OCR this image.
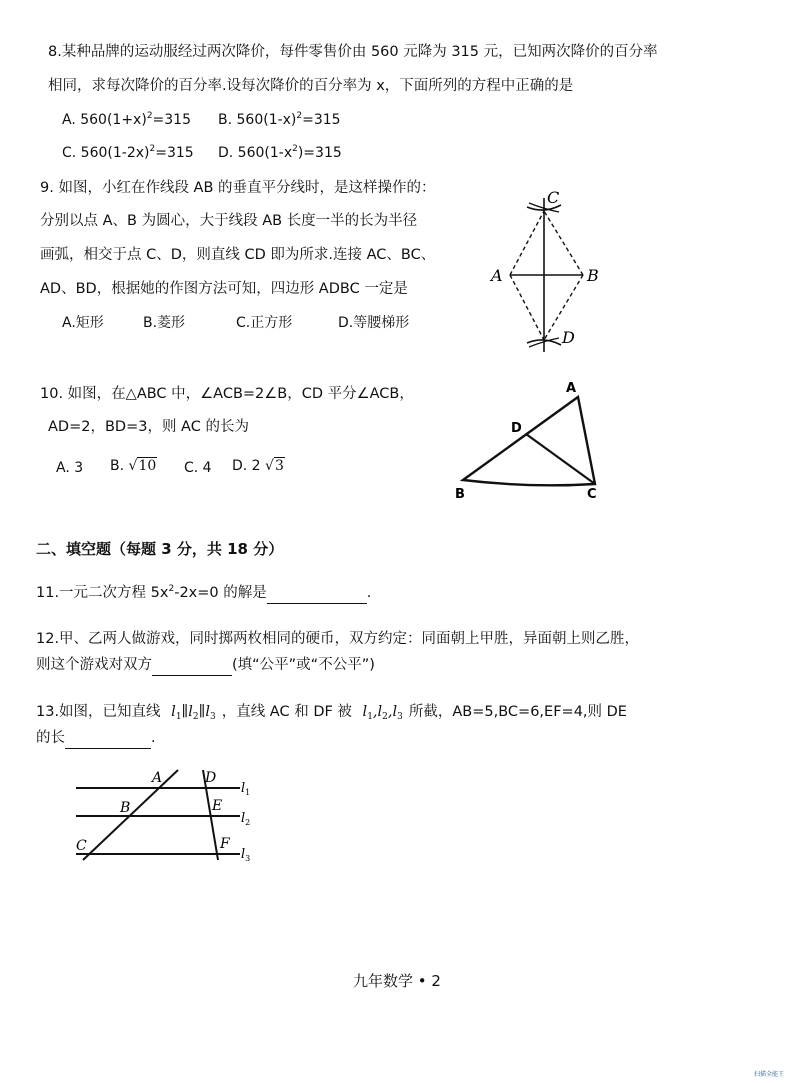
8.某种品牌的运动服经过两次降价，每件零售价由 560 元降为 315 元，已知两次降价的百分率
相同，求每次降价的百分率.设每次降价的百分率为 x，下面所列的方程中正确的是
A. $560(1+x)^2=315$ B. $560(1-x)^2=315$
C. $560(1-2x)^2=315$ D. $560(1-x^2)=315$
9. 如图，小红在作线段 AB 的垂直平分线时，是这样操作的：
分别以点 A、B 为圆心，大于线段 AB 长度一半的长为半径
画弧，相交于点 C、D，则直线 CD 即为所求.连接 AC、BC、
AD、BD，根据她的作图方法可知，四边形 ADBC 一定是
A.矩形	B.菱形	C.正方形	D.等腰梯形
C
A	B
D
10. 如图，在△ABC 中，∠ACB=2∠B，CD 平分∠ACB，
AD=2，BD=3，则 AC 的长为
A. 3 B. √10 C. 4 D. 2 √3
A
D
B	C
二、填空题（每题 3 分，共 18 分）
11.一元二次方程 $5x^2-2x=0$ 的解是	.
12.甲、乙两人做游戏，同时掷两枚相同的硬币，双方约定：同面朝上甲胜，异面朝上则乙胜，
则这个游戏对双方	(填“公平”或“不公平”)
13.如图，已知直线 $l_1\parallel l_2\parallel l_3$ ，直线 AC 和 DF 被 $l_1,l_2,l_3$ 所截，AB=5,BC=6,EF=4,则 DE
的长	.
A	D
B	E
C	F
$l_1$
$l_2$
$l_3$
九年数学 • 2
扫描全能王
